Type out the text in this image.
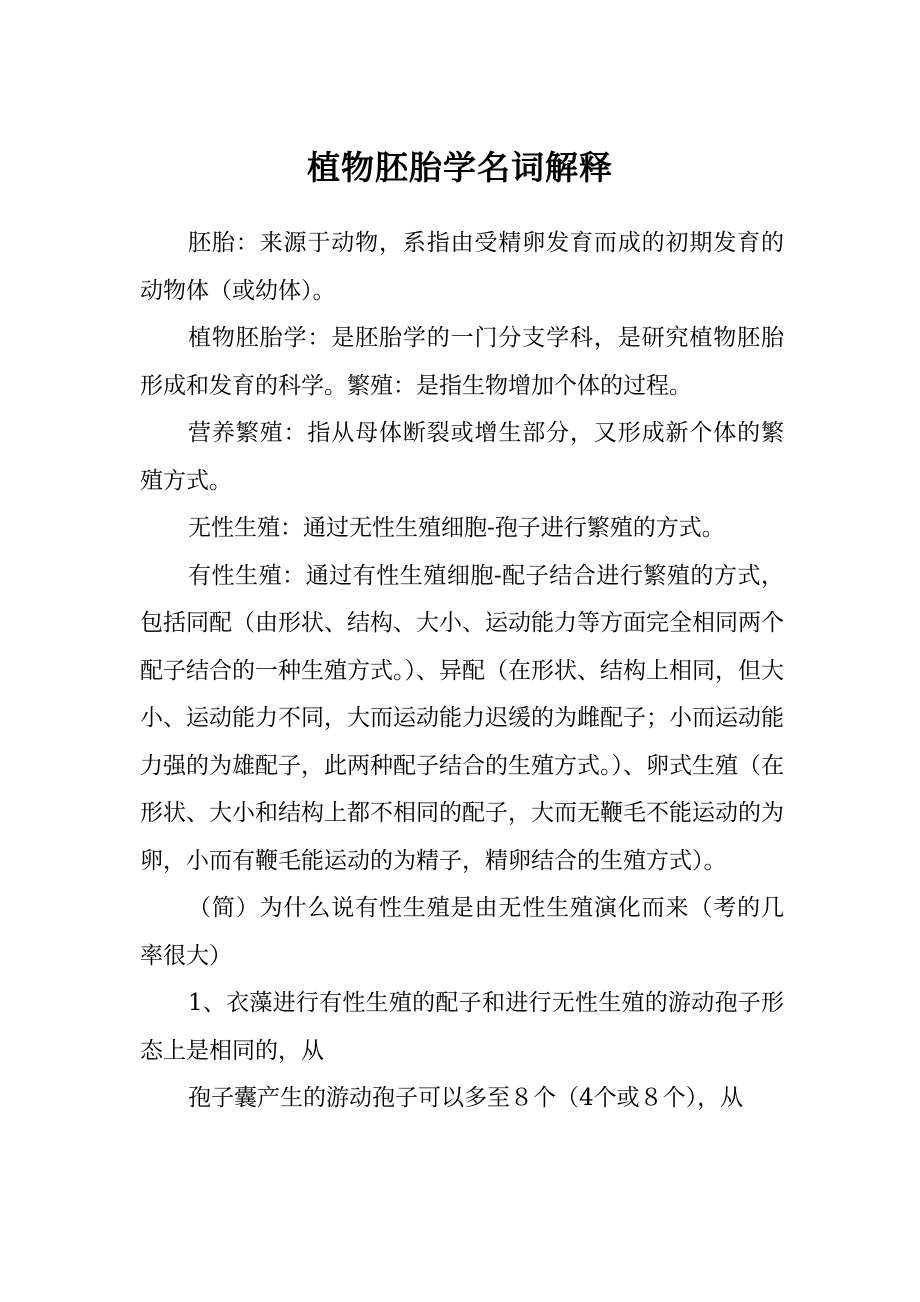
植物胚胎学名词解释

胚胎：来源于动物，系指由受精卵发育而成的初期发育的动物体（或幼体）。

植物胚胎学：是胚胎学的一门分支学科，是研究植物胚胎形成和发育的科学。繁殖：是指生物增加个体的过程。

营养繁殖：指从母体断裂或增生部分，又形成新个体的繁殖方式。

无性生殖：通过无性生殖细胞-孢子进行繁殖的方式。

有性生殖：通过有性生殖细胞-配子结合进行繁殖的方式，包括同配（由形状、结构、大小、运动能力等方面完全相同两个配子结合的一种生殖方式。）、异配（在形状、结构上相同，但大小、运动能力不同，大而运动能力迟缓的为雌配子；小而运动能力强的为雄配子，此两种配子结合的生殖方式。）、卵式生殖（在形状、大小和结构上都不相同的配子，大而无鞭毛不能运动的为卵，小而有鞭毛能运动的为精子，精卵结合的生殖方式）。

（简）为什么说有性生殖是由无性生殖演化而来（考的几率很大）

1、衣藻进行有性生殖的配子和进行无性生殖的游动孢子形态上是相同的，从

孢子囊产生的游动孢子可以多至８个（4个或８个），从
